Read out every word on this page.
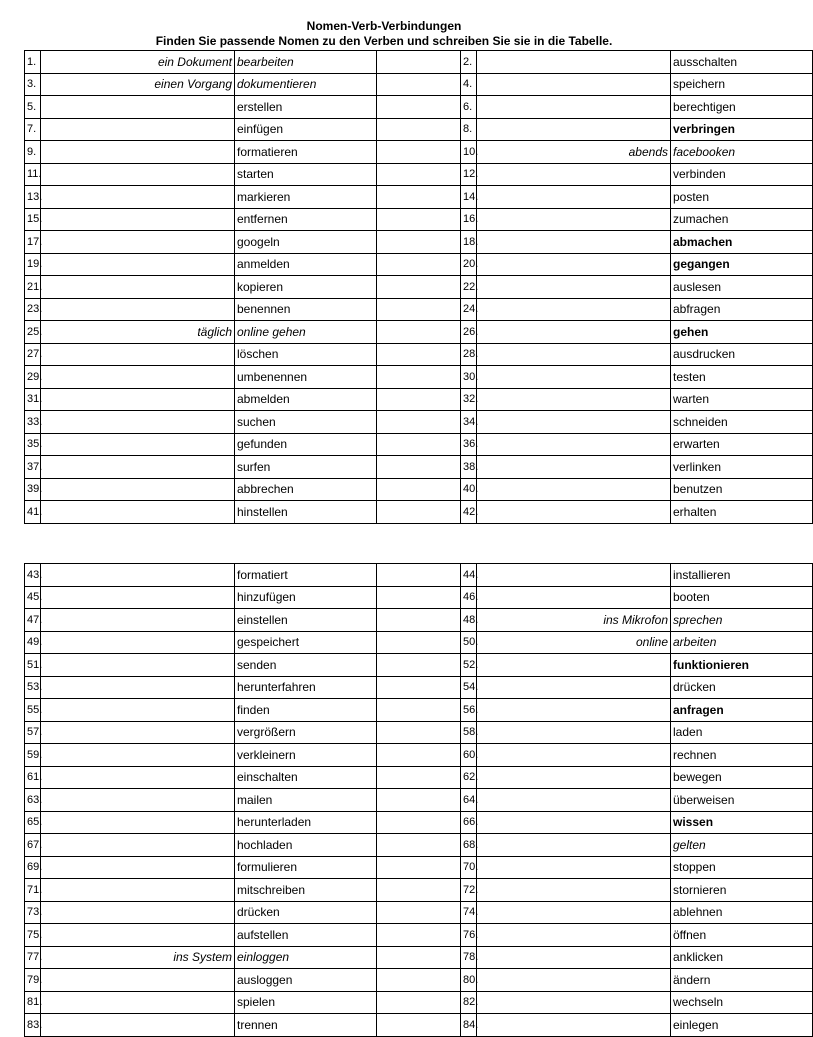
Nomen-Verb-Verbindungen
Finden Sie passende Nomen zu den Verben und schreiben Sie sie in die Tabelle.
1.	ein Dokument	bearbeiten		2.		ausschalten
3.	einen Vorgang	dokumentieren		4.		speichern
5.		erstellen		6.		berechtigen
7.		einfügen		8.		verbringen
9.		formatieren		10.	abends	facebooken
11.		starten		12.		verbinden
13.		markieren		14.		posten
15.		entfernen		16.		zumachen
17.		googeln		18.		abmachen
19.		anmelden		20.		gegangen
21.		kopieren		22.		auslesen
23.		benennen		24.		abfragen
25.	täglich	online gehen		26.		gehen
27.		löschen		28.		ausdrucken
29.		umbenennen		30.		testen
31.		abmelden		32.		warten
33.		suchen		34.		schneiden
35.		gefunden		36.		erwarten
37.		surfen		38.		verlinken
39.		abbrechen		40.		benutzen
41.		hinstellen		42.		erhalten
43.		formatiert		44.		installieren
45.		hinzufügen		46.		booten
47.		einstellen		48.	ins Mikrofon	sprechen
49.		gespeichert		50.	online	arbeiten
51.		senden		52.		funktionieren
53.		herunterfahren		54.		drücken
55.		finden		56.		anfragen
57.		vergrößern		58.		laden
59.		verkleinern		60.		rechnen
61.		einschalten		62.		bewegen
63.		mailen		64.		überweisen
65.		herunterladen		66.		wissen
67.		hochladen		68.		gelten
69.		formulieren		70.		stoppen
71.		mitschreiben		72.		stornieren
73.		drücken		74.		ablehnen
75.		aufstellen		76.		öffnen
77.	ins System	einloggen		78.		anklicken
79.		ausloggen		80.		ändern
81.		spielen		82.		wechseln
83.		trennen		84.		einlegen
